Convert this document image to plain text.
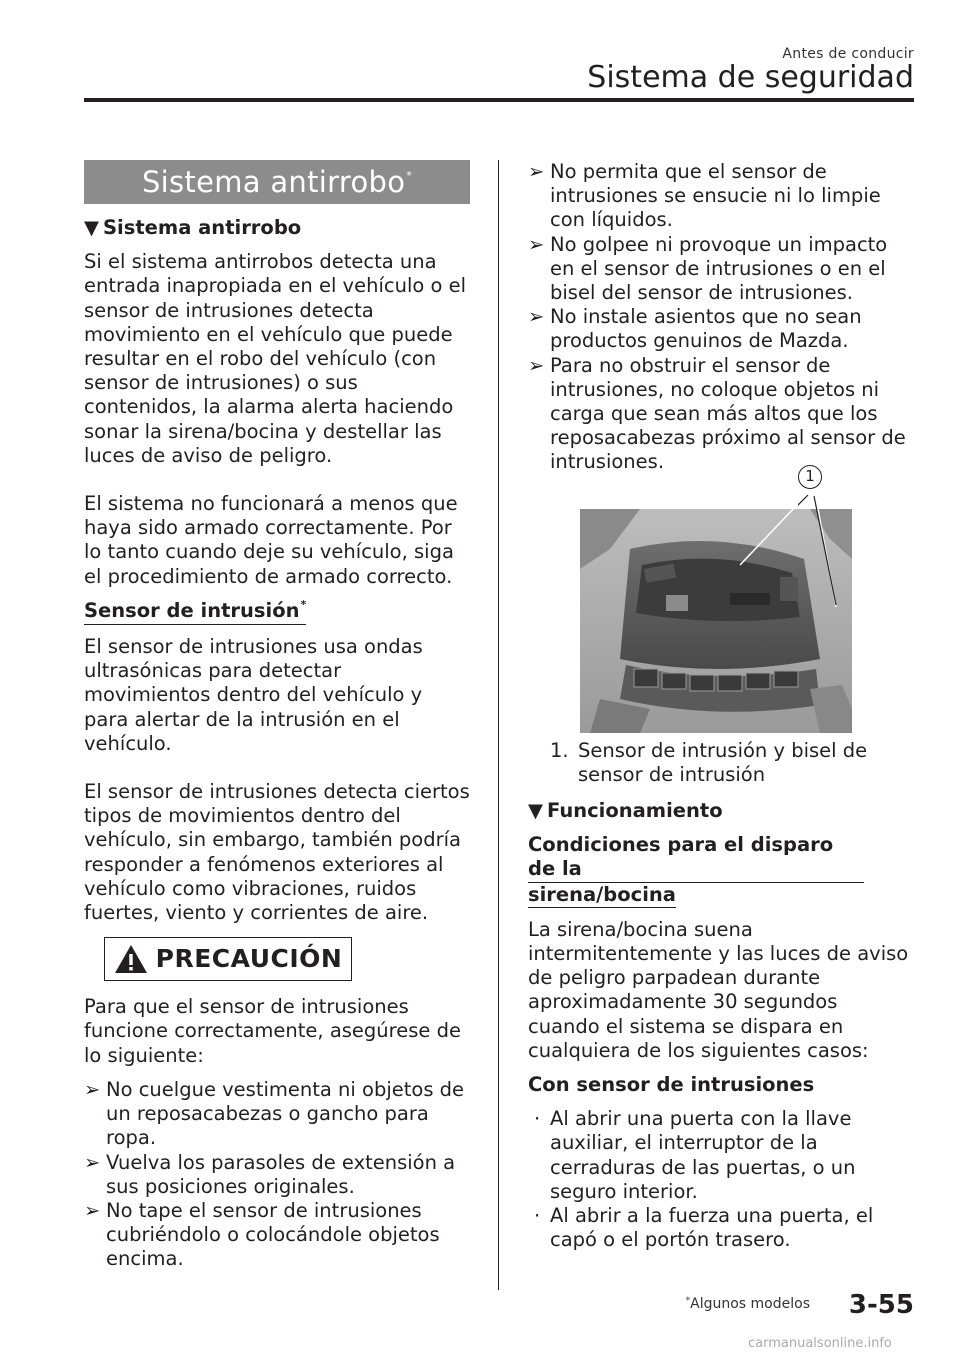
Antes de conducir
Sistema de seguridad
Sistema antirrobo*

▼ Sistema antirrobo

Si el sistema antirrobos detecta una entrada inapropiada en el vehículo o el sensor de intrusiones detecta movimiento en el vehículo que puede resultar en el robo del vehículo (con sensor de intrusiones) o sus contenidos, la alarma alerta haciendo sonar la sirena/bocina y destellar las luces de aviso de peligro.

El sistema no funcionará a menos que haya sido armado correctamente. Por lo tanto cuando deje su vehículo, siga el procedimiento de armado correcto.

Sensor de intrusión*

El sensor de intrusiones usa ondas ultrasónicas para detectar movimientos dentro del vehículo y para alertar de la intrusión en el vehículo.

El sensor de intrusiones detecta ciertos tipos de movimientos dentro del vehículo, sin embargo, también podría responder a fenómenos exteriores al vehículo como vibraciones, ruidos fuertes, viento y corrientes de aire.

PRECAUCIÓN

Para que el sensor de intrusiones funcione correctamente, asegúrese de lo siguiente:

➢ No cuelgue vestimenta ni objetos de un reposacabezas o gancho para ropa.
➢ Vuelva los parasoles de extensión a sus posiciones originales.
➢ No tape el sensor de intrusiones cubriéndolo o colocándole objetos encima.
➢ No permita que el sensor de intrusiones se ensucie ni lo limpie con líquidos.
➢ No golpee ni provoque un impacto en el sensor de intrusiones o en el bisel del sensor de intrusiones.
➢ No instale asientos que no sean productos genuinos de Mazda.
➢ Para no obstruir el sensor de intrusiones, no coloque objetos ni carga que sean más altos que los reposacabezas próximo al sensor de intrusiones.
1

1. Sensor de intrusión y bisel de sensor de intrusión

▼ Funcionamiento

Condiciones para el disparo de la
sirena/bocina

La sirena/bocina suena intermitentemente y las luces de aviso de peligro parpadean durante aproximadamente 30 segundos cuando el sistema se dispara en cualquiera de los siguientes casos:

Con sensor de intrusiones

· Al abrir una puerta con la llave auxiliar, el interruptor de la cerraduras de las puertas, o un seguro interior.
· Al abrir a la fuerza una puerta, el capó o el portón trasero.
*Algunos modelos 3-55
carmanualsonline.info
